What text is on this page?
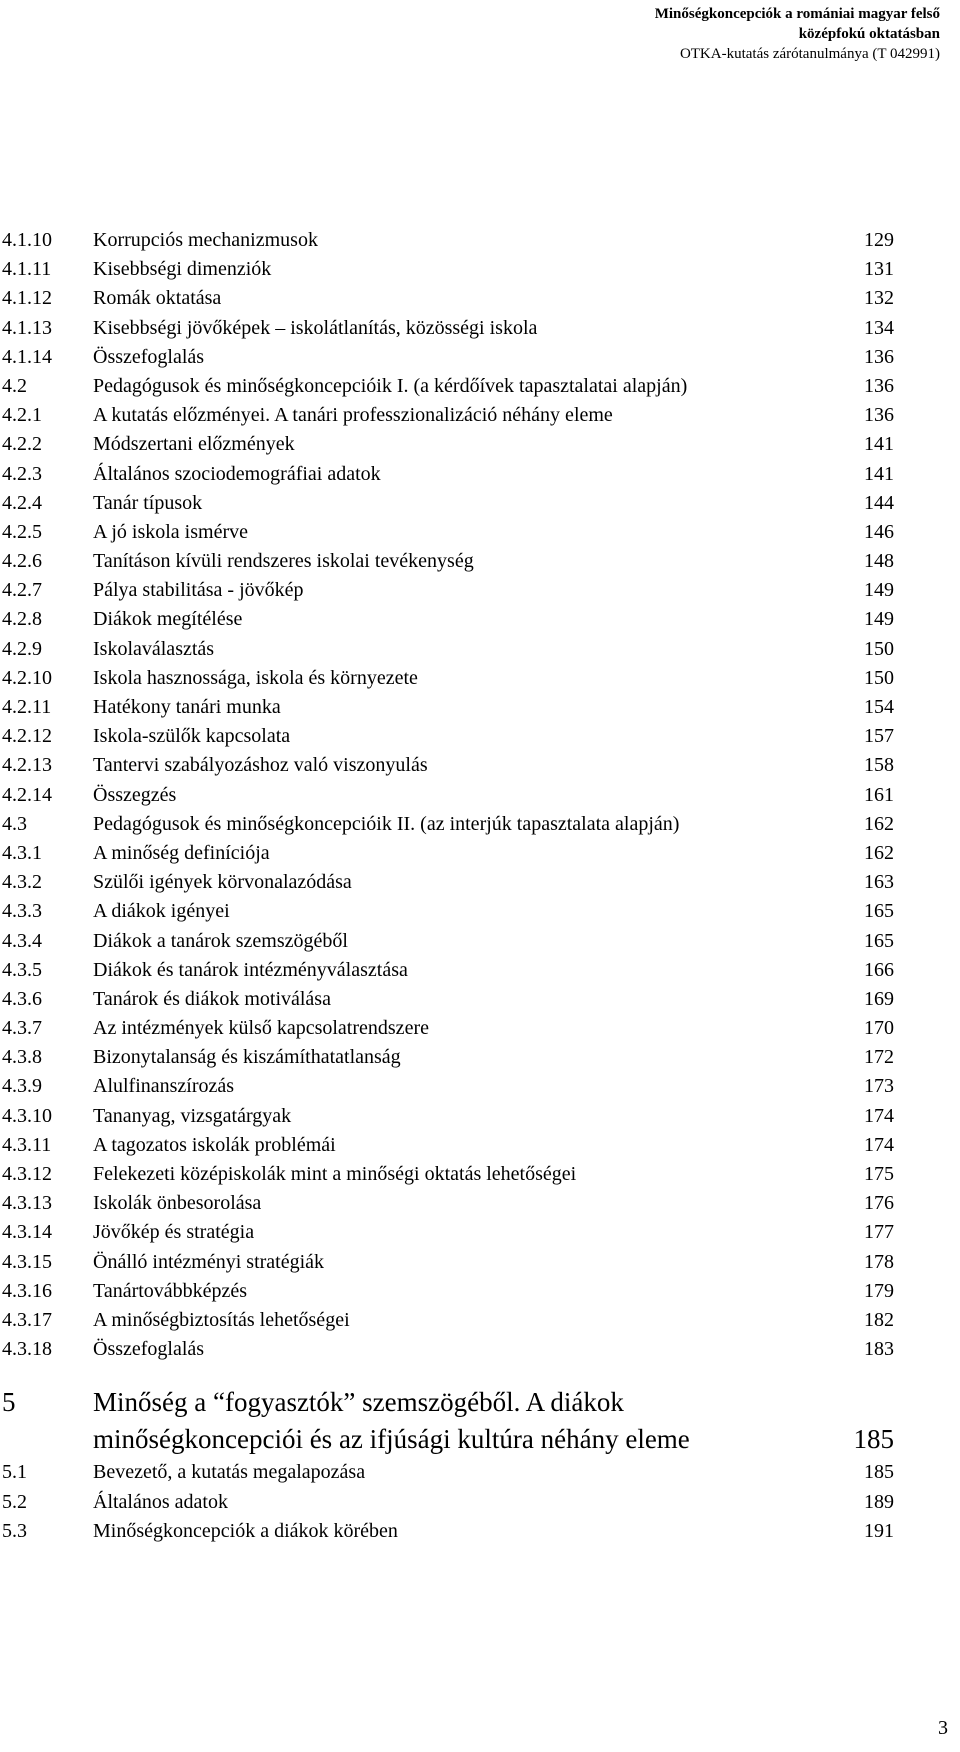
Minőségkoncepciók a romániai magyar felső
középfokú oktatásban
OTKA-kutatás zárótanulmánya (T 042991)
4.1.10 Korrupciós mechanizmusok	129
4.1.11 Kisebbségi dimenziók	131
4.1.12 Romák oktatása	132
4.1.13 Kisebbségi jövőképek – iskolátlanítás, közösségi iskola	134
4.1.14 Összefoglalás	136
4.2	Pedagógusok és minőségkoncepcióik I. (a kérdőívek tapasztalatai alapján)	136
4.2.1	A kutatás előzményei. A tanári professzionalizáció néhány eleme	136
4.2.2	Módszertani előzmények	141
4.2.3	Általános szociodemográfiai adatok	141
4.2.4	Tanár típusok	144
4.2.5	A jó iskola ismérve	146
4.2.6	Tanításon kívüli rendszeres iskolai tevékenység	148
4.2.7	Pálya stabilitása - jövőkép	149
4.2.8	Diákok megítélése	149
4.2.9	Iskolaválasztás	150
4.2.10 Iskola hasznossága, iskola és környezete	150
4.2.11 Hatékony tanári munka	154
4.2.12 Iskola-szülők kapcsolata	157
4.2.13 Tantervi szabályozáshoz való viszonyulás	158
4.2.14 Összegzés	161
4.3	Pedagógusok és minőségkoncepcióik II. (az interjúk tapasztalata alapján)	162
4.3.1	A minőség definíciója	162
4.3.2	Szülői igények körvonalazódása	163
4.3.3	A diákok igényei	165
4.3.4	Diákok a tanárok szemszögéből	165
4.3.5	Diákok és tanárok intézményválasztása	166
4.3.6	Tanárok és diákok motiválása	169
4.3.7	Az intézmények külső kapcsolatrendszere	170
4.3.8	Bizonytalanság és kiszámíthatatlanság	172
4.3.9	Alulfinanszírozás	173
4.3.10 Tananyag, vizsgatárgyak	174
4.3.11 A tagozatos iskolák problémái	174
4.3.12 Felekezeti középiskolák mint a minőségi oktatás lehetőségei	175
4.3.13 Iskolák önbesorolása	176
4.3.14 Jövőkép és stratégia	177
4.3.15 Önálló intézményi stratégiák	178
4.3.16 Tanártovábbképzés	179
4.3.17 A minőségbiztosítás lehetőségei	182
4.3.18 Összefoglalás	183
5	Minőség a “fogyasztók” szemszögéből. A diákok
minőségkoncepciói és az ifjúsági kultúra néhány eleme	185
5.1	Bevezető, a kutatás megalapozása	185
5.2	Általános adatok	189
5.3	Minőségkoncepciók a diákok körében	191
3
